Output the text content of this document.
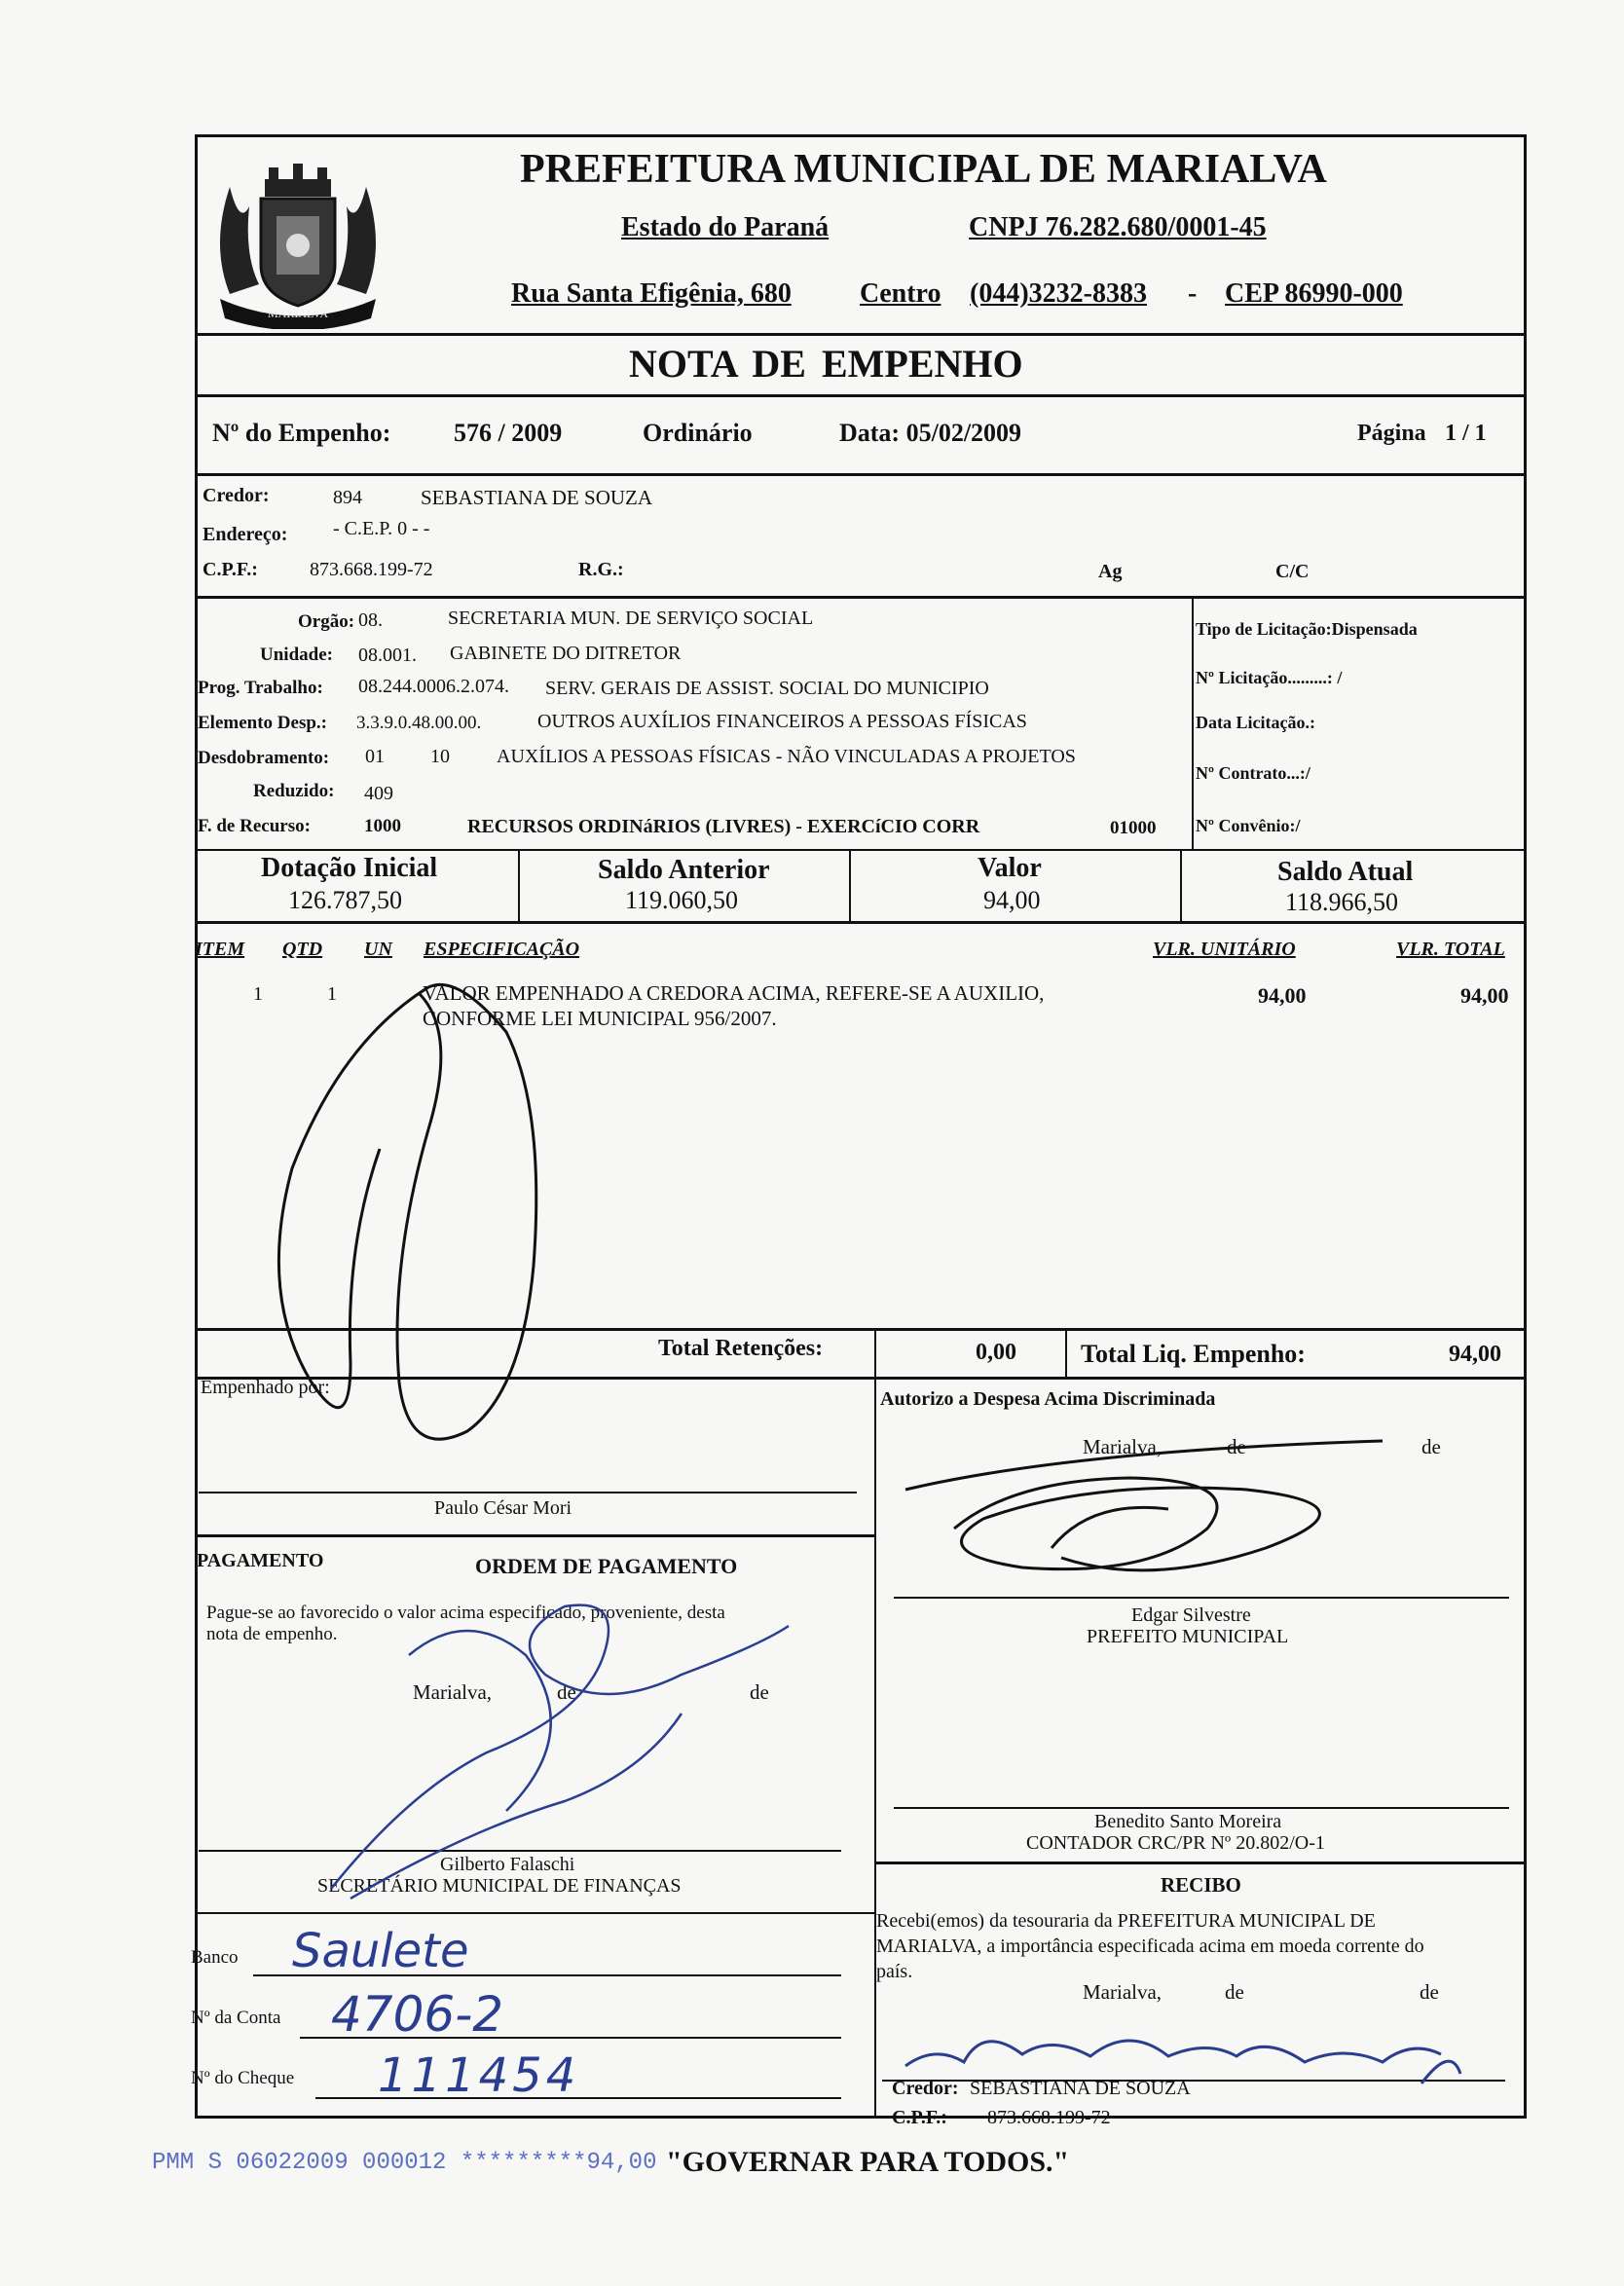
MARIALVA
PREFEITURA MUNICIPAL DE MARIALVA
Estado do Paraná	CNPJ 76.282.680/0001-45
Rua Santa Efigênia, 680	Centro (044)3232-8383 - CEP 86990-000
NOTA DE EMPENHO
Nº do Empenho: 576 / 2009	Ordinário	Data: 05/02/2009	Página 1 / 1
Credor:	894	SEBASTIANA DE SOUZA
Endereço: - C.E.P. 0 - -
C.P.F.:	873.668.199-72	R.G.:	Ag	C/C
Orgão: 08.	SECRETARIA MUN. DE SERVIÇO SOCIAL
Unidade: 08.001. GABINETE DO DITRETOR
Prog. Trabalho: 08.244.0006.2.074. SERV. GERAIS DE ASSIST. SOCIAL DO MUNICIPIO
Elemento Desp.: 3.3.9.0.48.00.00.	OUTROS AUXÍLIOS FINANCEIROS A PESSOAS FÍSICAS
Desdobramento: 01 10 AUXÍLIOS A PESSOAS FÍSICAS - NÃO VINCULADAS A PROJETOS
Reduzido: 409
F. de Recurso:	1000	RECURSOS ORDINáRIOS (LIVRES) - EXERCíCIO CORR	01000
Tipo de Licitação:Dispensada
Nº Licitação.........: /
Data Licitação.:
Nº Contrato...:/
Nº Convênio:/
Dotação Inicial
126.787,50
Saldo Anterior
119.060,50
Valor
94,00
Saldo Atual
118.966,50
ITEM QTD UN ESPECIFICAÇÃO	VLR. UNITÁRIO	VLR. TOTAL
1	1	VALOR EMPENHADO A CREDORA ACIMA, REFERE-SE A AUXILIO,
CONFORME LEI MUNICIPAL 956/2007.
94,00	94,00
Total Retenções:	0,00	Total Liq. Empenho:	94,00
Empenhado por:
Paulo César Mori
Autorizo a Despesa Acima Discriminada
Marialva,	de	de
Edgar Silvestre
PREFEITO MUNICIPAL
Benedito Santo Moreira
CONTADOR CRC/PR Nº 20.802/O-1
PAGAMENTO	ORDEM DE PAGAMENTO
Pague-se ao favorecido o valor acima especificado, proveniente, desta
nota de empenho.
Marialva,	de	de
Gilberto Falaschi
SECRETÁRIO MUNICIPAL DE FINANÇAS
Banco Saulete
Nº da Conta 4706-2
Nº do Cheque 111454
RECIBO
Recebi(emos) da tesouraria da PREFEITURA MUNICIPAL DE
MARIALVA, a importância especificada acima em moeda corrente do
país.
Marialva,	de	de
Credor: SEBASTIANA DE SOUZA
C.P.F.: 873.668.199-72
PMM S 06022009 000012 *********94,00 "GOVERNAR PARA TODOS."
